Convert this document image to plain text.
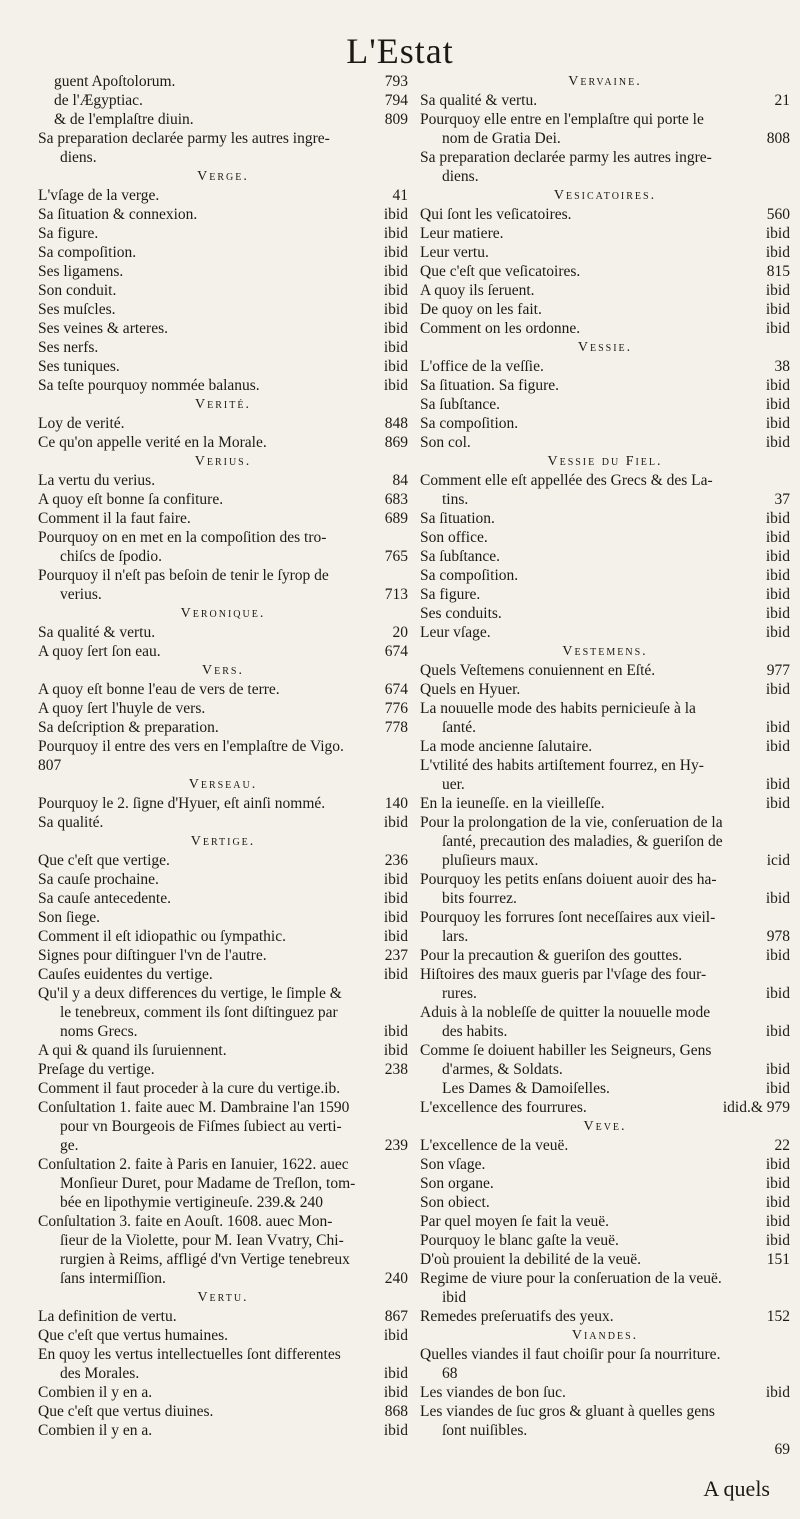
L'Estat
guent Apoſtolorum.	793
de l'Ægyptiac.	794
& de l'emplaſtre diuin.	809
Sa preparation declarée parmy les autres ingre-
diens.
Verge.
L'vſage de la verge.	41
Sa ſituation & connexion.	ibid
Sa figure.	ibid
Sa compoſition.	ibid
Ses ligamens.	ibid
Son conduit.	ibid
Ses muſcles.	ibid
Ses veines & arteres.	ibid
Ses nerfs.	ibid
Ses tuniques.	ibid
Sa teſte pourquoy nommée balanus.	ibid
Verité.
Loy de verité.	848
Ce qu'on appelle verité en la Morale.	869
Verius.
La vertu du verius.	84
A quoy eſt bonne ſa confiture.	683
Comment il la faut faire.	689
Pourquoy on en met en la compoſition des tro-
chiſcs de ſpodio.	765
Pourquoy il n'eſt pas beſoin de tenir le ſyrop de
verius.	713
Veronique.
Sa qualité & vertu.	20
A quoy ſert ſon eau.	674
Vers.
A quoy eſt bonne l'eau de vers de terre.	674
A quoy ſert l'huyle de vers.	776
Sa deſcription & preparation.	778
Pourquoy il entre des vers en l'emplaſtre de Vigo.
807
Verseau.
Pourquoy le 2. ſigne d'Hyuer, eſt ainſi nommé.	140
Sa qualité.	ibid
Vertige.
Que c'eſt que vertige.	236
Sa cauſe prochaine.	ibid
Sa cauſe antecedente.	ibid
Son ſiege.	ibid
Comment il eſt idiopathic ou ſympathic.	ibid
Signes pour diſtinguer l'vn de l'autre.	237
Cauſes euidentes du vertige.	ibid
Qu'il y a deux differences du vertige, le ſimple &
le tenebreux, comment ils ſont diſtinguez par
noms Grecs.	ibid
A qui & quand ils ſuruiennent.	ibid
Preſage du vertige.	238
Comment il faut proceder à la cure du vertige.ib.
Conſultation 1. faite auec M. Dambraine l'an 1590
pour vn Bourgeois de Fiſmes ſubiect au verti-
ge.	239
Conſultation 2. faite à Paris en Ianuier, 1622. auec
Monſieur Duret, pour Madame de Treſlon, tom-
bée en lipothymie vertigineuſe. 239.& 240
Conſultation 3. faite en Aouſt. 1608. auec Mon-
ſieur de la Violette, pour M. Iean Vvatry, Chi-
rurgien à Reims, affligé d'vn Vertige tenebreux
ſans intermiſſion.	240
Vertu.
La definition de vertu.	867
Que c'eſt que vertus humaines.	ibid
En quoy les vertus intellectuelles ſont differentes
des Morales.	ibid
Combien il y en a.	ibid
Que c'eſt que vertus diuines.	868
Combien il y en a.	ibid
Vervaine.
Sa qualité & vertu.	21
Pourquoy elle entre en l'emplaſtre qui porte le
nom de Gratia Dei.	808
Sa preparation declarée parmy les autres ingre-
diens.
Vesicatoires.
Qui ſont les veſicatoires.	560
Leur matiere.	ibid
Leur vertu.	ibid
Que c'eſt que veſicatoires.	815
A quoy ils ſeruent.	ibid
De quoy on les fait.	ibid
Comment on les ordonne.	ibid
Vessie.
L'office de la veſſie.	38
Sa ſituation. Sa figure.	ibid
Sa ſubſtance.	ibid
Sa compoſition.	ibid
Son col.	ibid
Vessie du Fiel.
Comment elle eſt appellée des Grecs & des La-
tins.	37
Sa ſituation.	ibid
Son office.	ibid
Sa ſubſtance.	ibid
Sa compoſition.	ibid
Sa figure.	ibid
Ses conduits.	ibid
Leur vſage.	ibid
Vestemens.
Quels Veſtemens conuiennent en Eſté.	977
Quels en Hyuer.	ibid
La nouuelle mode des habits pernicieuſe à la
ſanté.	ibid
La mode ancienne ſalutaire.	ibid
L'vtilité des habits artiſtement fourrez, en Hy-
uer.	ibid
En la ieuneſſe. en la vieilleſſe.	ibid
Pour la prolongation de la vie, conſeruation de la
ſanté, precaution des maladies, & gueriſon de
pluſieurs maux.	icid
Pourquoy les petits enſans doiuent auoir des ha-
bits fourrez.	ibid
Pourquoy les forrures ſont neceſſaires aux vieil-
lars.	978
Pour la precaution & gueriſon des gouttes.	ibid
Hiſtoires des maux gueris par l'vſage des four-
rures.	ibid
Aduis à la nobleſſe de quitter la nouuelle mode
des habits.	ibid
Comme ſe doiuent habiller les Seigneurs, Gens
d'armes, & Soldats.	ibid
Les Dames & Damoiſelles.	ibid
L'excellence des fourrures.	idid.& 979
Veve.
L'excellence de la veuë.	22
Son vſage.	ibid
Son organe.	ibid
Son obiect.	ibid
Par quel moyen ſe fait la veuë.	ibid
Pourquoy le blanc gaſte la veuë.	ibid
D'où prouient la debilité de la veuë.	151
Regime de viure pour la conſeruation de la veuë.
ibid
Remedes preſeruatifs des yeux.	152
Viandes.
Quelles viandes il faut choiſir pour ſa nourriture.
68
Les viandes de bon ſuc.	ibid
Les viandes de ſuc gros & gluant à quelles gens
ſont nuiſibles.
69
A quels
